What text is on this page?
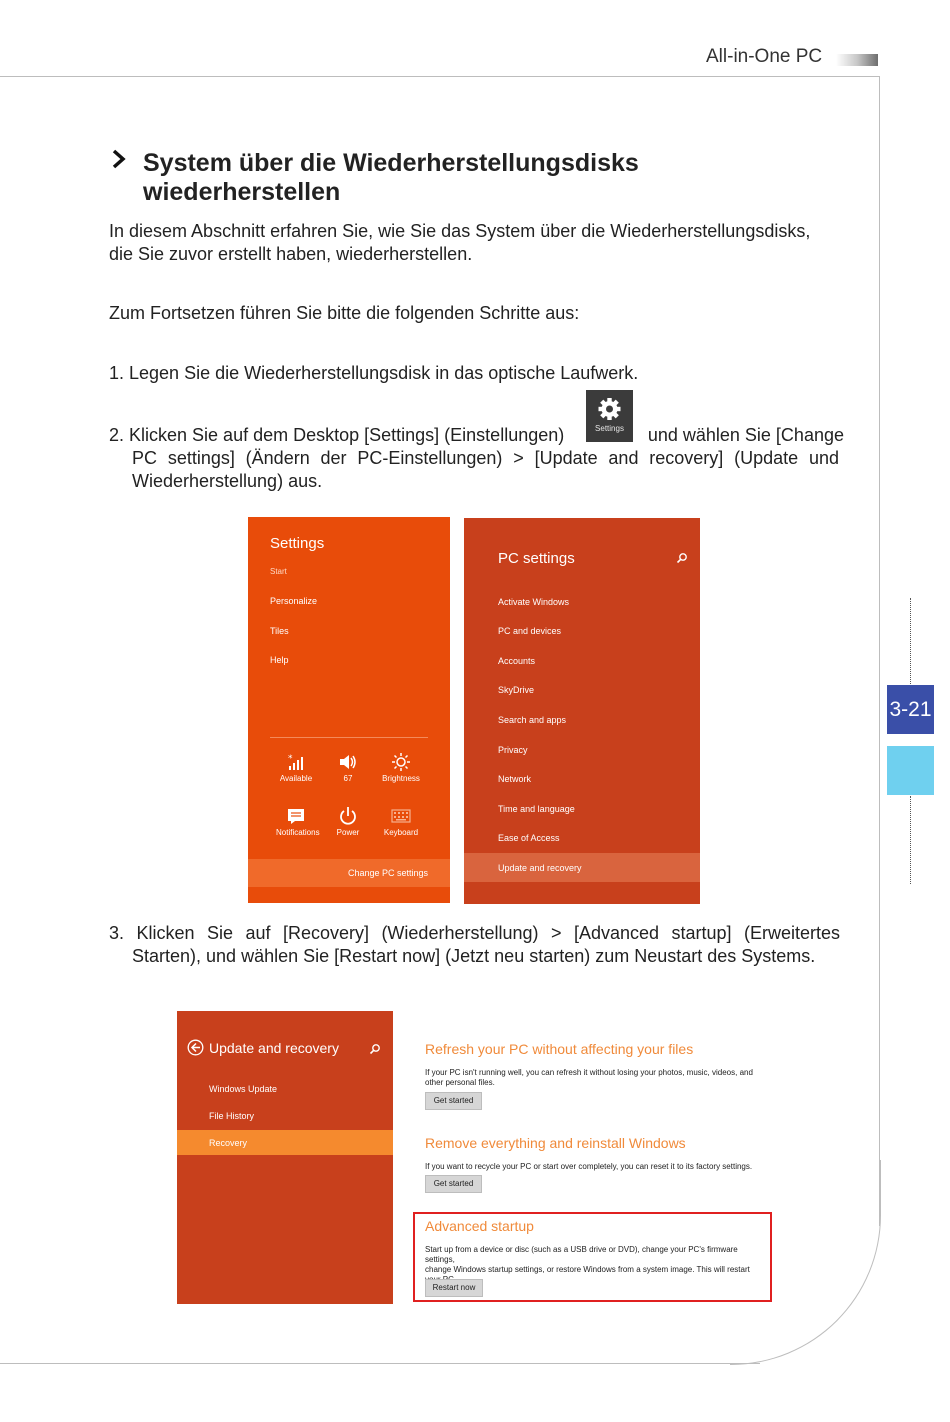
All-in-One PC
3-21
System über die Wiederherstellungsdisks wiederherstellen
In diesem Abschnitt erfahren Sie, wie Sie das System über die Wiederherstellungsdisks,
die Sie zuvor erstellt haben, wiederherstellen.
Zum Fortsetzen führen Sie bitte die folgenden Schritte aus:
1. Legen Sie die Wiederherstellungsdisk in das optische Laufwerk.
2. Klicken Sie auf dem Desktop [Settings] (Einstellungen)	Settings	und wählen Sie [Change
PC settings] (Ändern der PC-Einstellungen) > [Update and recovery] (Update und Wiederherstellung) aus.
Settings
Start
Personalize
Tiles
Help
*
Available	67	Brightness
Notifications	Power	Keyboard
Change PC settings
PC settings
Activate Windows
PC and devices
Accounts
SkyDrive
Search and apps
Privacy
Network
Time and language
Ease of Access
Update and recovery
3. Klicken Sie auf [Recovery] (Wiederherstellung) > [Advanced startup] (Erweitertes
Starten), und wählen Sie [Restart now] (Jetzt neu starten) zum Neustart des Systems.
Update and recovery
Windows Update
File History
Recovery
Refresh your PC without affecting your files
If your PC isn't running well, you can refresh it without losing your photos, music, videos, and
other personal files.
Get started
Remove everything and reinstall Windows
If you want to recycle your PC or start over completely, you can reset it to its factory settings.
Get started
Advanced startup
Start up from a device or disc (such as a USB drive or DVD), change your PC's firmware settings,
change Windows startup settings, or restore Windows from a system image. This will restart
Restart now
